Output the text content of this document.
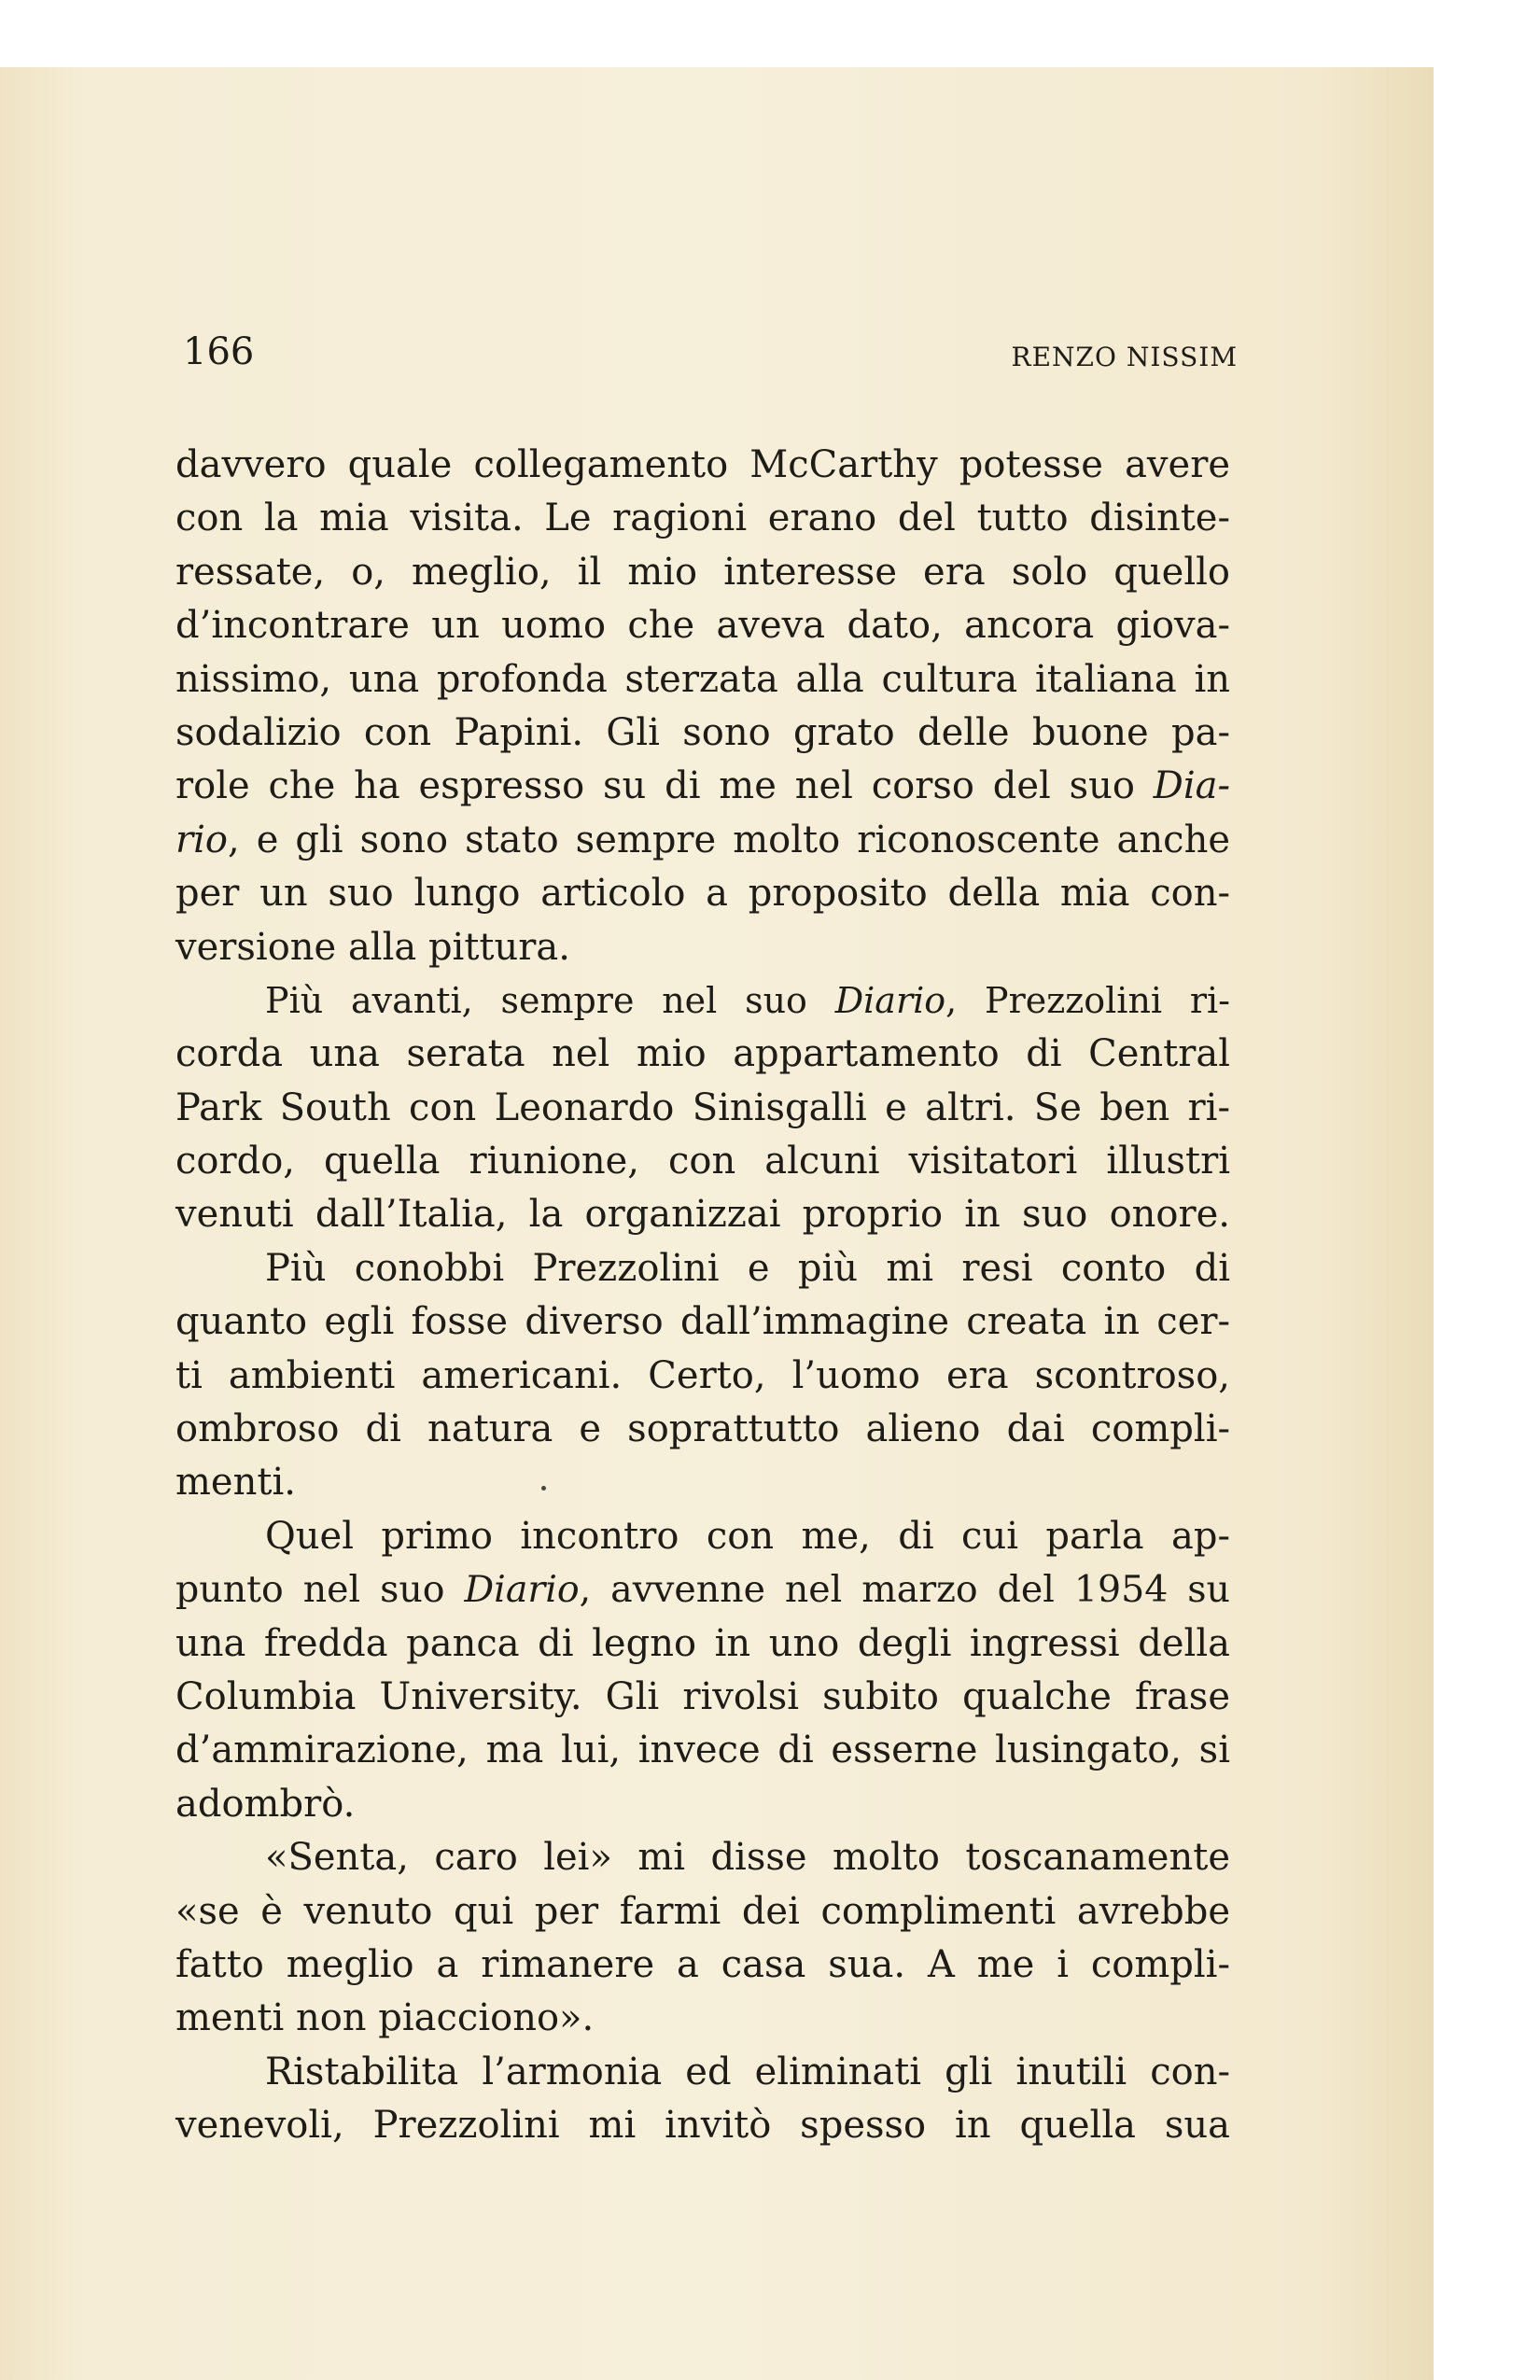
166	RENZO NISSIM
davvero quale collegamento McCarthy potesse avere
con la mia visita. Le ragioni erano del tutto disinte-
ressate, o, meglio, il mio interesse era solo quello
d’incontrare un uomo che aveva dato, ancora giova-
nissimo, una profonda sterzata alla cultura italiana in
sodalizio con Papini. Gli sono grato delle buone pa-
role che ha espresso su di me nel corso del suo Dia-
rio, e gli sono stato sempre molto riconoscente anche
per un suo lungo articolo a proposito della mia con-
versione alla pittura.
Più avanti, sempre nel suo Diario, Prezzolini ri-
corda una serata nel mio appartamento di Central
Park South con Leonardo Sinisgalli e altri. Se ben ri-
cordo, quella riunione, con alcuni visitatori illustri
venuti dall’Italia, la organizzai proprio in suo onore.
Più conobbi Prezzolini e più mi resi conto di
quanto egli fosse diverso dall’immagine creata in cer-
ti ambienti americani. Certo, l’uomo era scontroso,
ombroso di natura e soprattutto alieno dai compli-
menti.
Quel primo incontro con me, di cui parla ap-
punto nel suo Diario, avvenne nel marzo del 1954 su
una fredda panca di legno in uno degli ingressi della
Columbia University. Gli rivolsi subito qualche frase
d’ammirazione, ma lui, invece di esserne lusingato, si
adombrò.
«Senta, caro lei» mi disse molto toscanamente
«se è venuto qui per farmi dei complimenti avrebbe
fatto meglio a rimanere a casa sua. A me i compli-
menti non piacciono».
Ristabilita l’armonia ed eliminati gli inutili con-
venevoli, Prezzolini mi invitò spesso in quella sua
